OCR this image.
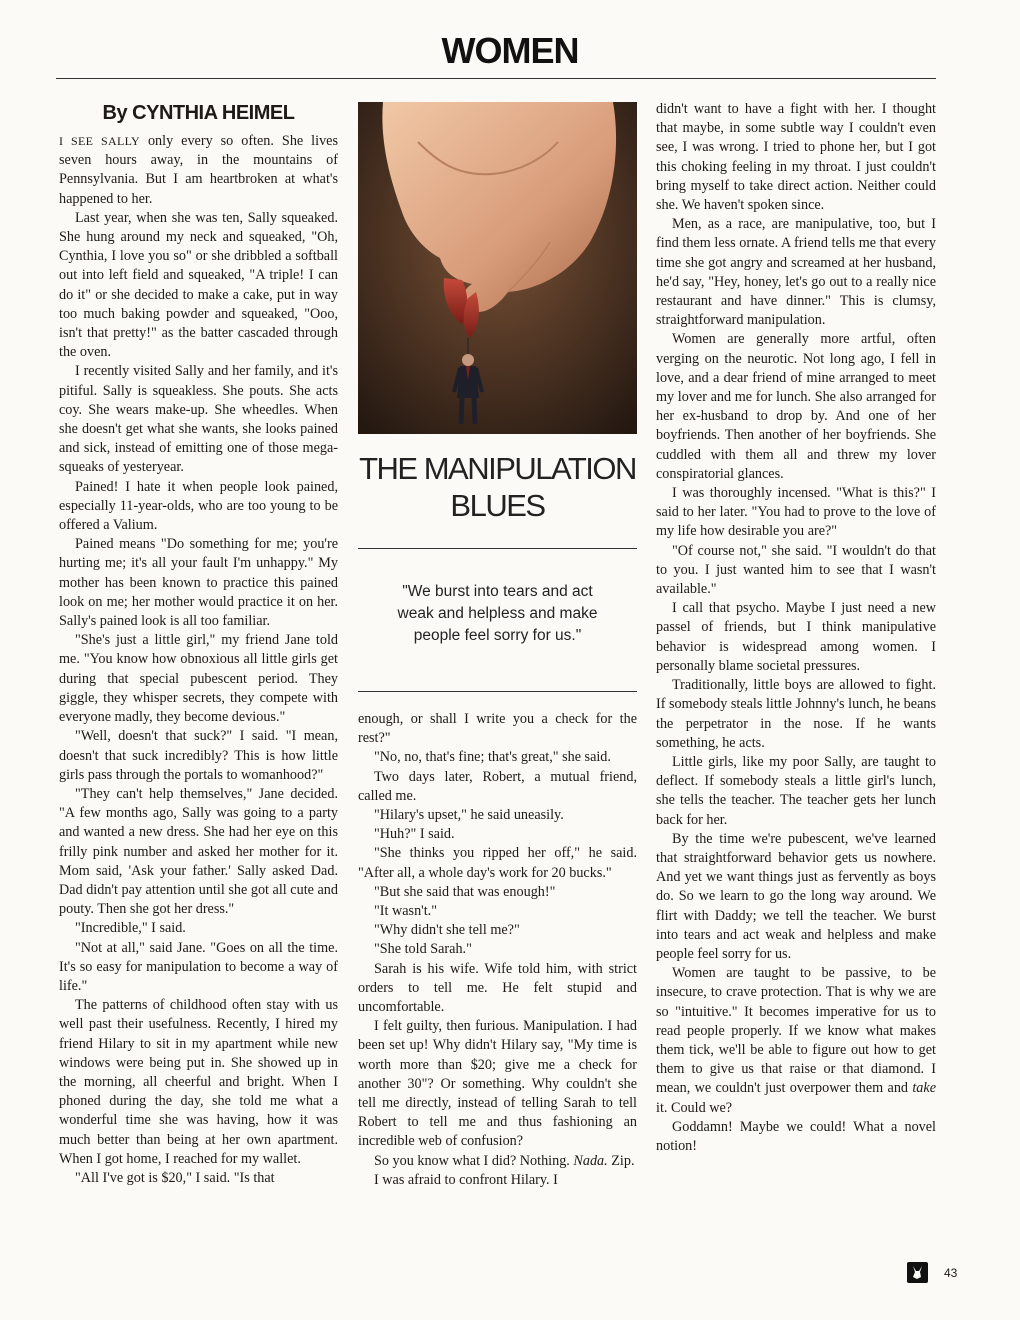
WOMEN
By CYNTHIA HEIMEL

I SEE SALLY only every so often. She lives seven hours away, in the mountains of Pennsylvania. But I am heartbroken at what's happened to her.

Last year, when she was ten, Sally squeaked. She hung around my neck and squeaked, "Oh, Cynthia, I love you so" or she dribbled a softball out into left field and squeaked, "A triple! I can do it" or she decided to make a cake, put in way too much baking powder and squeaked, "Ooo, isn't that pretty!" as the batter cascaded through the oven.

I recently visited Sally and her family, and it's pitiful. Sally is squeakless. She pouts. She acts coy. She wears make-up. She wheedles. When she doesn't get what she wants, she looks pained and sick, instead of emitting one of those mega-squeaks of yesteryear.

Pained! I hate it when people look pained, especially 11-year-olds, who are too young to be offered a Valium.

Pained means "Do something for me; you're hurting me; it's all your fault I'm unhappy." My mother has been known to practice this pained look on me; her mother would practice it on her. Sally's pained look is all too familiar.

"She's just a little girl," my friend Jane told me. "You know how obnoxious all little girls get during that special pubescent period. They giggle, they whisper secrets, they compete with everyone madly, they become devious."

"Well, doesn't that suck?" I said. "I mean, doesn't that suck incredibly? This is how little girls pass through the portals to womanhood?"

"They can't help themselves," Jane decided. "A few months ago, Sally was going to a party and wanted a new dress. She had her eye on this frilly pink number and asked her mother for it. Mom said, 'Ask your father.' Sally asked Dad. Dad didn't pay attention until she got all cute and pouty. Then she got her dress."

"Incredible," I said.

"Not at all," said Jane. "Goes on all the time. It's so easy for manipulation to become a way of life."

The patterns of childhood often stay with us well past their usefulness. Recently, I hired my friend Hilary to sit in my apartment while new windows were being put in. She showed up in the morning, all cheerful and bright. When I phoned during the day, she told me what a wonderful time she was having, how it was much better than being at her own apartment. When I got home, I reached for my wallet.

"All I've got is $20," I said. "Is that

THE MANIPULATION
BLUES
"We burst into tears and act weak and helpless and make people feel sorry for us."

enough, or shall I write you a check for the rest?"

"No, no, that's fine; that's great," she said.

Two days later, Robert, a mutual friend, called me.

"Hilary's upset," he said uneasily.

"Huh?" I said.

"She thinks you ripped her off," he said. "After all, a whole day's work for 20 bucks."

"But she said that was enough!"

"It wasn't."

"Why didn't she tell me?"

"She told Sarah."

Sarah is his wife. Wife told him, with strict orders to tell me. He felt stupid and uncomfortable.

I felt guilty, then furious. Manipulation. I had been set up! Why didn't Hilary say, "My time is worth more than $20; give me a check for another 30"? Or something. Why couldn't she tell me directly, instead of telling Sarah to tell Robert to tell me and thus fashioning an incredible web of confusion?

So you know what I did? Nothing. Nada. Zip.

I was afraid to confront Hilary. I

didn't want to have a fight with her. I thought that maybe, in some subtle way I couldn't even see, I was wrong. I tried to phone her, but I got this choking feeling in my throat. I just couldn't bring myself to take direct action. Neither could she. We haven't spoken since.

Men, as a race, are manipulative, too, but I find them less ornate. A friend tells me that every time she got angry and screamed at her husband, he'd say, "Hey, honey, let's go out to a really nice restaurant and have dinner." This is clumsy, straightforward manipulation.

Women are generally more artful, often verging on the neurotic. Not long ago, I fell in love, and a dear friend of mine arranged to meet my lover and me for lunch. She also arranged for her ex-husband to drop by. And one of her boyfriends. Then another of her boyfriends. She cuddled with them all and threw my lover conspiratorial glances.

I was thoroughly incensed. "What is this?" I said to her later. "You had to prove to the love of my life how desirable you are?"

"Of course not," she said. "I wouldn't do that to you. I just wanted him to see that I wasn't available."

I call that psycho. Maybe I just need a new passel of friends, but I think manipulative behavior is widespread among women. I personally blame societal pressures.

Traditionally, little boys are allowed to fight. If somebody steals little Johnny's lunch, he beans the perpetrator in the nose. If he wants something, he acts.

Little girls, like my poor Sally, are taught to deflect. If somebody steals a little girl's lunch, she tells the teacher. The teacher gets her lunch back for her.

By the time we're pubescent, we've learned that straightforward behavior gets us nowhere. And yet we want things just as fervently as boys do. So we learn to go the long way around. We flirt with Daddy; we tell the teacher. We burst into tears and act weak and helpless and make people feel sorry for us.

Women are taught to be passive, to be insecure, to crave protection. That is why we are so "intuitive." It becomes imperative for us to read people properly. If we know what makes them tick, we'll be able to figure out how to get them to give us that raise or that diamond. I mean, we couldn't just overpower them and take it. Could we?

Goddamn! Maybe we could! What a novel notion!

43
